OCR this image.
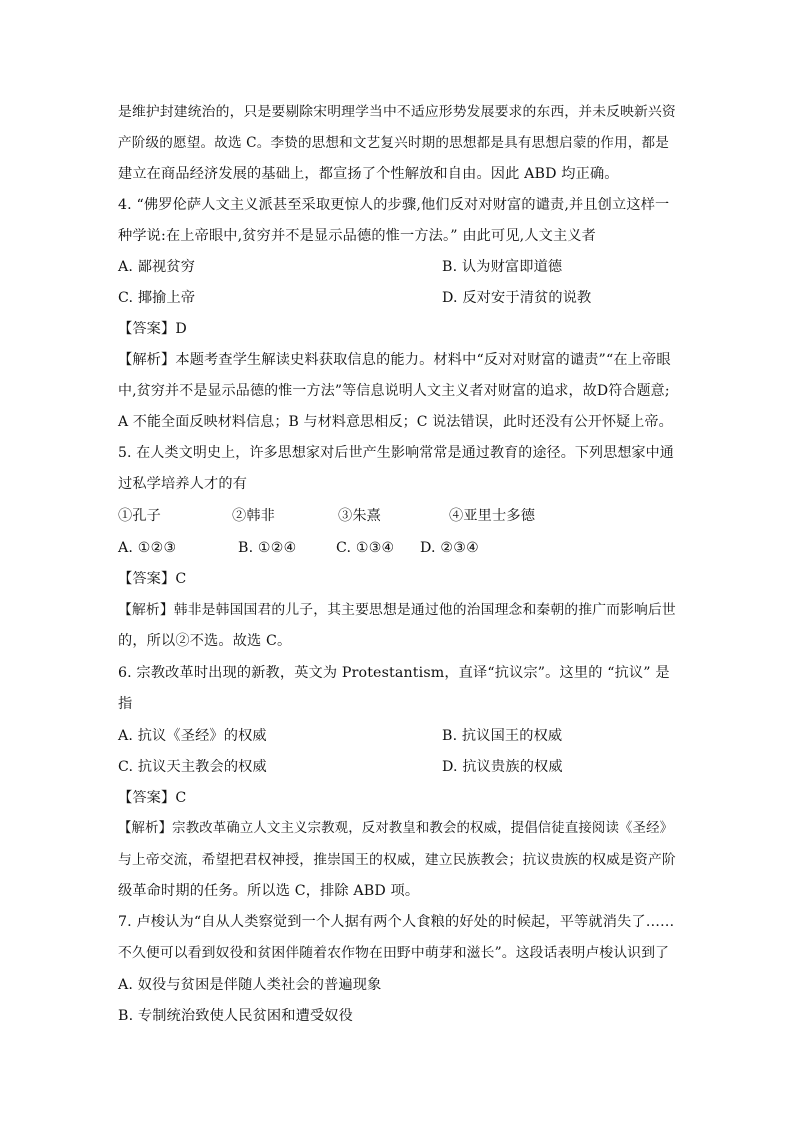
是维护封建统治的，只是要剔除宋明理学当中不适应形势发展要求的东西，并未反映新兴资
产阶级的愿望。故选 C。李贽的思想和文艺复兴时期的思想都是具有思想启蒙的作用，都是
建立在商品经济发展的基础上，都宣扬了个性解放和自由。因此 ABD 均正确。
4. “佛罗伦萨人文主义派甚至采取更惊人的步骤,他们反对对财富的谴责,并且创立这样一
种学说:在上帝眼中,贫穷并不是显示品德的惟一方法。” 由此可见,人文主义者
A. 鄙视贫穷	B. 认为财富即道德
C. 揶揄上帝	D. 反对安于清贫的说教
【答案】D
【解析】本题考查学生解读史料获取信息的能力。材料中“反对对财富的谴责”“在上帝眼
中,贫穷并不是显示品德的惟一方法”等信息说明人文主义者对财富的追求，故D符合题意;
A 不能全面反映材料信息；B 与材料意思相反；C 说法错误，此时还没有公开怀疑上帝。
5. 在人类文明史上，许多思想家对后世产生影响常常是通过教育的途径。下列思想家中通
过私学培养人才的有
①孔子	②韩非	③朱熹	④亚里士多德
A. ①②③	B. ①②④	C. ①③④ D. ②③④
【答案】C
【解析】韩非是韩国国君的儿子，其主要思想是通过他的治国理念和秦朝的推广而影响后世
的，所以②不选。故选 C。
6. 宗教改革时出现的新教，英文为 Protestantism，直译“抗议宗”。这里的 “抗议” 是
指
A. 抗议《圣经》的权威	B. 抗议国王的权威
C. 抗议天主教会的权威	D. 抗议贵族的权威
【答案】C
【解析】宗教改革确立人文主义宗教观，反对教皇和教会的权威，提倡信徒直接阅读《圣经》
与上帝交流，希望把君权神授，推崇国王的权威，建立民族教会；抗议贵族的权威是资产阶
级革命时期的任务。所以选 C，排除 ABD 项。
7. 卢梭认为“自从人类察觉到一个人据有两个人食粮的好处的时候起，平等就消失了……
不久便可以看到奴役和贫困伴随着农作物在田野中萌芽和滋长”。这段话表明卢梭认识到了
A. 奴役与贫困是伴随人类社会的普遍现象
B. 专制统治致使人民贫困和遭受奴役
